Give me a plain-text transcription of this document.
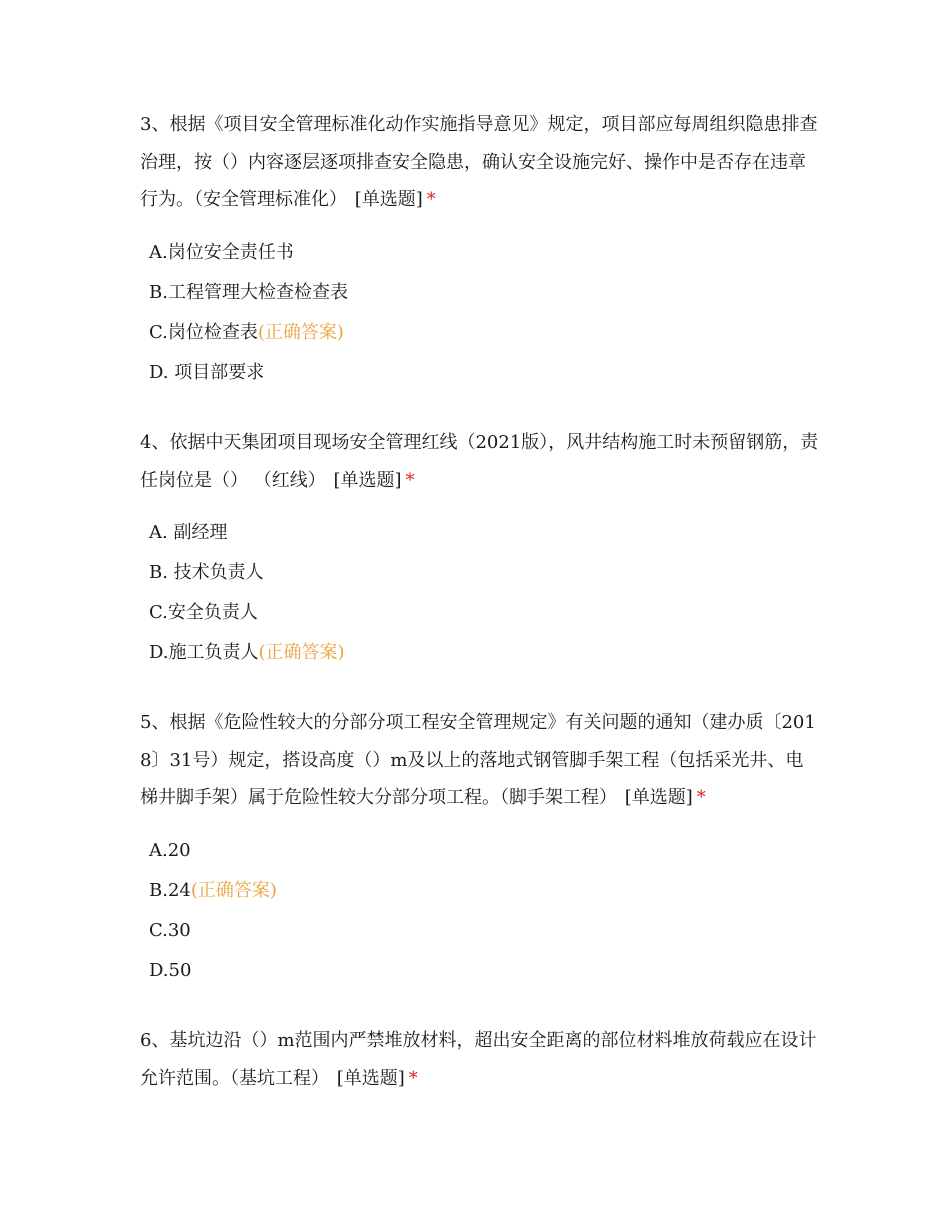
3、根据《项目安全管理标准化动作实施指导意见》规定，项目部应每周组织隐患排查治理，按（）内容逐层逐项排查安全隐患，确认安全设施完好、操作中是否存在违章行为。（安全管理标准化） [单选题] *

A.岗位安全责任书
B.工程管理大检查检查表
C.岗位检查表(正确答案)
D. 项目部要求

4、依据中天集团项目现场安全管理红线（2021版），风井结构施工时未预留钢筋，责任岗位是（） （红线） [单选题] *

A. 副经理
B. 技术负责人
C.安全负责人
D.施工负责人(正确答案)

5、根据《危险性较大的分部分项工程安全管理规定》有关问题的通知（建办质〔2018〕31号）规定，搭设高度（）m及以上的落地式钢管脚手架工程（包括采光井、电梯井脚手架）属于危险性较大分部分项工程。（脚手架工程） [单选题] *

A.20
B.24(正确答案)
C.30
D.50

6、基坑边沿（）m范围内严禁堆放材料，超出安全距离的部位材料堆放荷载应在设计允许范围。（基坑工程） [单选题] *
